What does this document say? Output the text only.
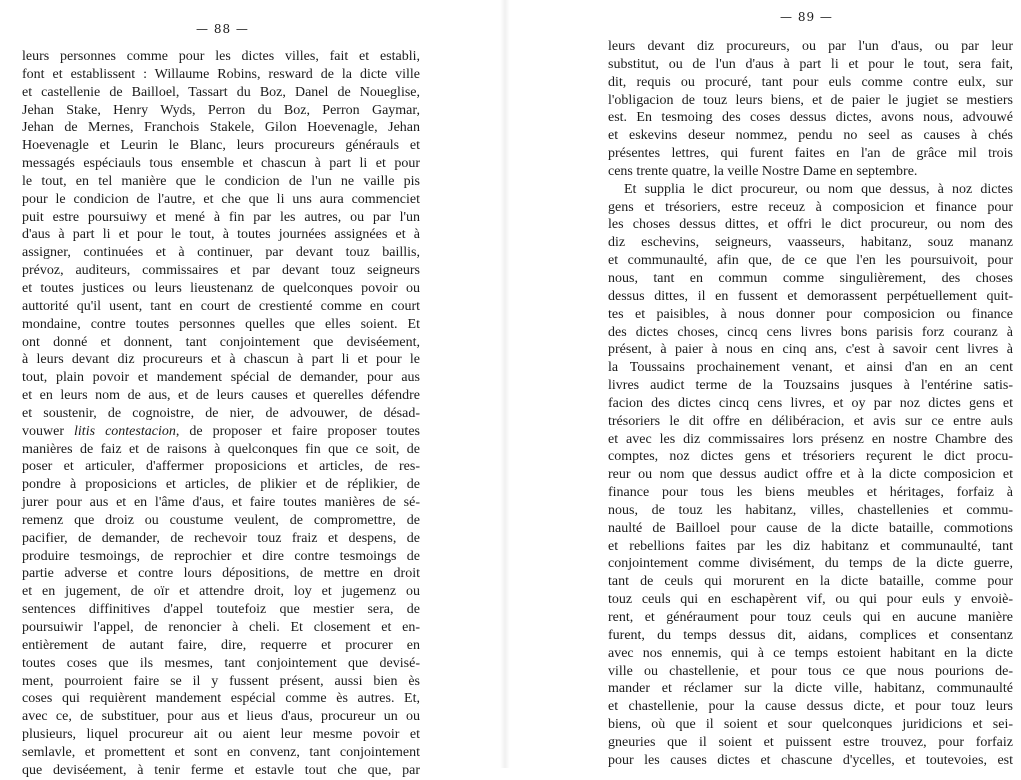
— 88 —
leurs personnes comme pour les dictes villes, fait et establi,
font et establissent : Willaume Robins, resward de la dicte ville
et castellenie de Bailloel, Tassart du Boz, Danel de Noueglise,
Jehan Stake, Henry Wyds, Perron du Boz, Perron Gaymar,
Jehan de Mernes, Franchois Stakele, Gilon Hoevenagle, Jehan
Hoevenagle et Leurin le Blanc, leurs procureurs générauls et
messagés espéciauls tous ensemble et chascun à part li et pour
le tout, en tel manière que le condicion de l'un ne vaille pis
pour le condicion de l'autre, et che que li uns aura commenciet
puit estre poursuiwy et mené à fin par les autres, ou par l'un
d'aus à part li et pour le tout, à toutes journées assignées et à
assigner, continuées et à continuer, par devant touz baillis,
prévoz, auditeurs, commissaires et par devant touz seigneurs
et toutes justices ou leurs lieustenanz de quelconques povoir ou
auttorité qu'il usent, tant en court de crestienté comme en court
mondaine, contre toutes personnes quelles que elles soient. Et
ont donné et donnent, tant conjointement que deviséement,
à leurs devant diz procureurs et à chascun à part li et pour le
tout, plain povoir et mandement spécial de demander, pour aus
et en leurs nom de aus, et de leurs causes et querelles défendre
et soustenir, de cognoistre, de nier, de advouwer, de désad-
vouwer litis contestacion, de proposer et faire proposer toutes
manières de faiz et de raisons à quelconques fin que ce soit, de
poser et articuler, d'affermer proposicions et articles, de res-
pondre à proposicions et articles, de plikier et de réplikier, de
jurer pour aus et en l'âme d'aus, et faire toutes manières de sé-
remenz que droiz ou coustume veulent, de compromettre, de
pacifier, de demander, de rechevoir touz fraiz et despens, de
produire tesmoings, de reprochier et dire contre tesmoings de
partie adverse et contre lours dépositions, de mettre en droit
et en jugement, de oïr et attendre droit, loy et jugemenz ou
sentences diffinitives d'appel toutefoiz que mestier sera, de
poursuiwir l'appel, de renoncier à cheli. Et closement et en-
entièrement de autant faire, dire, requerre et procurer en
toutes coses que ils mesmes, tant conjointement que devisé-
ment, pourroient faire se il y fussent présent, aussi bien ès
coses qui requièrent mandement espécial comme ès autres. Et,
avec ce, de substituer, pour aus et lieus d'aus, procureur un ou
plusieurs, liquel procureur ait ou aient leur mesme povoir et
semlavle, et promettent et sont en convenz, tant conjointement
que deviséement, à tenir ferme et estavle tout che que, par
— 89 —
leurs devant diz procureurs, ou par l'un d'aus, ou par leur
substitut, ou de l'un d'aus à part li et pour le tout, sera fait,
dit, requis ou procuré, tant pour euls comme contre eulx, sur
l'obligacion de touz leurs biens, et de paier le jugiet se mestiers
est. En tesmoing des coses dessus dictes, avons nous, advouwé
et eskevins deseur nommez, pendu no seel as causes à chés
présentes lettres, qui furent faites en l'an de grâce mil trois
cens trente quatre, la veille Nostre Dame en septembre.
Et supplia le dict procureur, ou nom que dessus, à noz dictes
gens et trésoriers, estre receuz à composicion et finance pour
les choses dessus dittes, et offri le dict procureur, ou nom des
diz eschevins, seigneurs, vaasseurs, habitanz, souz mananz
et communaulté, afin que, de ce que l'en les poursuivoit, pour
nous, tant en commun comme singulièrement, des choses
dessus dittes, il en fussent et demorassent perpétuellement quit-
tes et paisibles, à nous donner pour composicion ou finance
des dictes choses, cincq cens livres bons parisis forz couranz à
présent, à paier à nous en cinq ans, c'est à savoir cent livres à
la Toussains prochainement venant, et ainsi d'an en an cent
livres audict terme de la Touzsains jusques à l'entérine satis-
facion des dictes cincq cens livres, et oy par noz dictes gens et
trésoriers le dit offre en délibéracion, et avis sur ce entre auls
et avec les diz commissaires lors présenz en nostre Chambre des
comptes, noz dictes gens et trésoriers reçurent le dict procu-
reur ou nom que dessus audict offre et à la dicte composicion et
finance pour tous les biens meubles et héritages, forfaiz à
nous, de touz les habitanz, villes, chastellenies et commu-
naulté de Bailloel pour cause de la dicte bataille, commotions
et rebellions faites par les diz habitanz et communaulté, tant
conjointement comme divisément, du temps de la dicte guerre,
tant de ceuls qui morurent en la dicte bataille, comme pour
touz ceuls qui en eschapèrent vif, ou qui pour euls y envoiè-
rent, et généraument pour touz ceuls qui en aucune manière
furent, du temps dessus dit, aidans, complices et consentanz
avec nos ennemis, qui à ce temps estoient habitant en la dicte
ville ou chastellenie, et pour tous ce que nous pourions de-
mander et réclamer sur la dicte ville, habitanz, communaulté
et chastellenie, pour la cause dessus dicte, et pour touz leurs
biens, où que il soient et sour quelconques juridicions et sei-
gneuries que il soient et puissent estre trouvez, pour forfaiz
pour les causes dictes et chascune d'ycelles, et toutevoies, est
